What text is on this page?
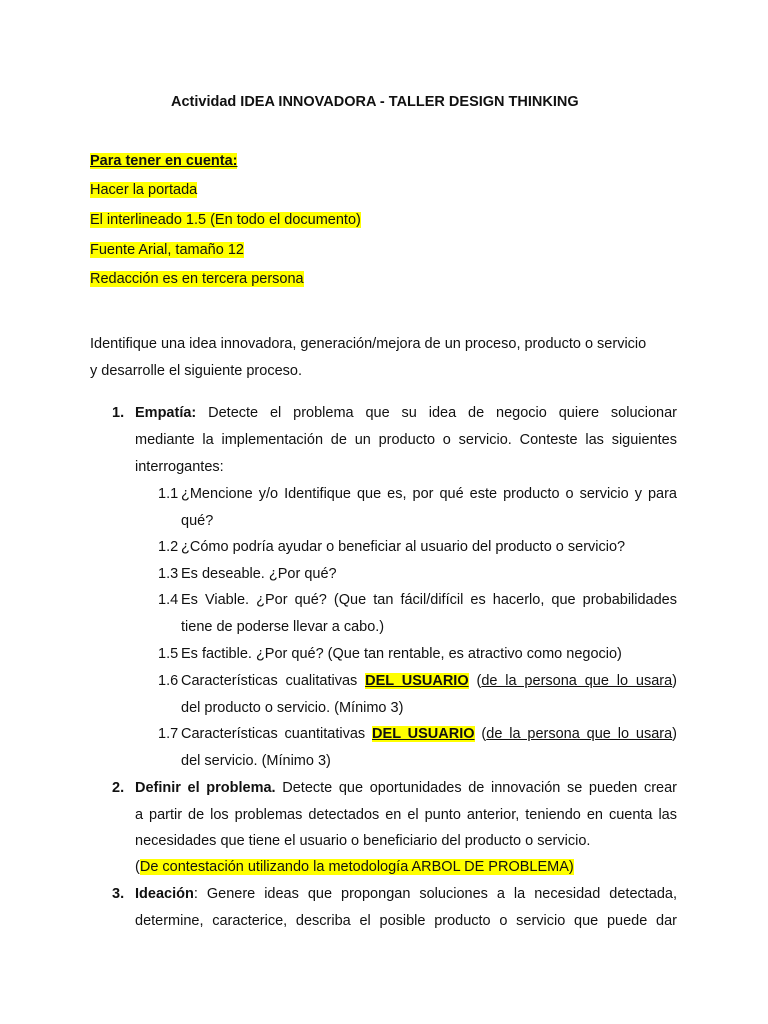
Actividad IDEA INNOVADORA - TALLER DESIGN THINKING
Para tener en cuenta:
Hacer la portada
El interlineado 1.5 (En todo el documento)
Fuente Arial, tamaño 12
Redacción es en tercera persona
Identifique una idea innovadora, generación/mejora de un proceso, producto o servicio
y desarrolle el siguiente proceso.
1. Empatía: Detecte el problema que su idea de negocio quiere solucionar
mediante la implementación de un producto o servicio. Conteste las siguientes
interrogantes:
1.1 ¿Mencione y/o Identifique que es, por qué este producto o servicio y para
qué?
1.2 ¿Cómo podría ayudar o beneficiar al usuario del producto o servicio?
1.3 Es deseable. ¿Por qué?
1.4 Es Viable. ¿Por qué? (Que tan fácil/difícil es hacerlo, que probabilidades
tiene de poderse llevar a cabo.)
1.5 Es factible. ¿Por qué? (Que tan rentable, es atractivo como negocio)
1.6 Características cualitativas DEL USUARIO (de la persona que lo usara)
del producto o servicio. (Mínimo 3)
1.7 Características cuantitativas DEL USUARIO (de la persona que lo usara)
del servicio. (Mínimo 3)
2. Definir el problema. Detecte que oportunidades de innovación se pueden crear
a partir de los problemas detectados en el punto anterior, teniendo en cuenta las
necesidades que tiene el usuario o beneficiario del producto o servicio.
(De contestación utilizando la metodología ARBOL DE PROBLEMA)
3. Ideación: Genere ideas que propongan soluciones a la necesidad detectada,
determine, caracterice, describa el posible producto o servicio que puede dar
